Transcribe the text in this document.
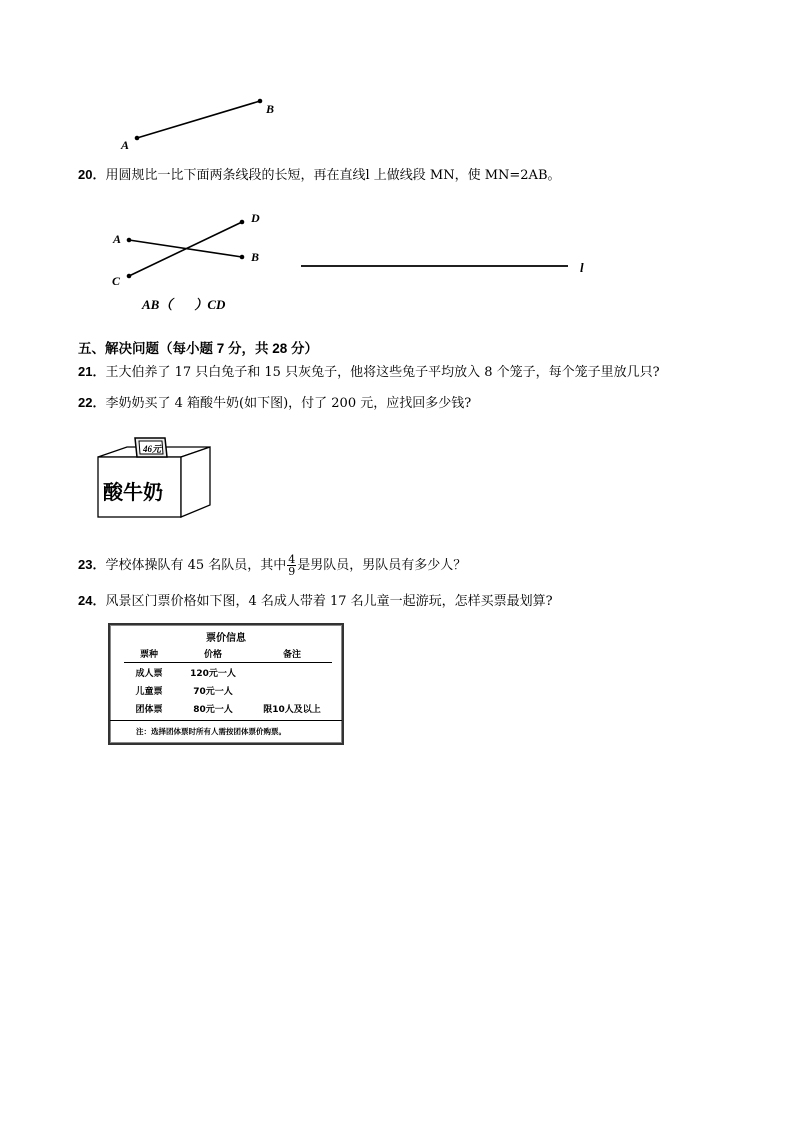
A
B
20．用圆规比一比下面两条线段的长短，再在直线l 上做线段 MN，使 MN=2AB。
A
B
C
D
AB（ ）CD
l
五、解决问题（每小题 7 分，共 28 分）
21．王大伯养了 17 只白兔子和 15 只灰兔子，他将这些兔子平均放入 8 个笼子，每个笼子里放几只?
22．李奶奶买了 4 箱酸牛奶(如下图)，付了 200 元，应找回多少钱?
46元
酸牛奶
23．学校体操队有 45 名队员，其中 $\frac{4}{9}$ 是男队员，男队员有多少人？
24．风景区门票价格如下图，4 名成人带着 17 名儿童一起游玩，怎样买票最划算?
票价信息
票种	价格	备注
成人票	120元一人	
儿童票	70元一人	
团体票	80元一人	限10人及以上
注：选择团体票时所有人需按团体票价购票。
